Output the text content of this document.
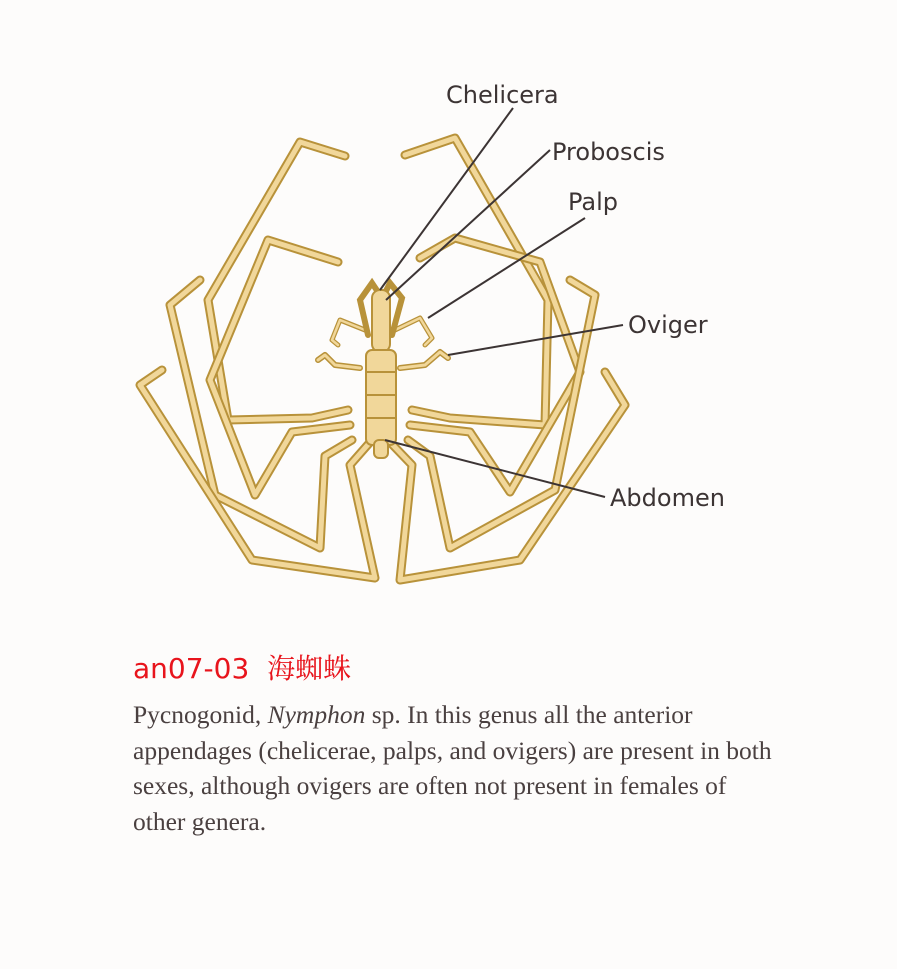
Chelicera
Proboscis
Palp
Oviger
Abdomen

an07-03  海蜘蛛

Pycnogonid, Nymphon sp. In this genus all the anterior appendages (chelicerae, palps, and ovigers) are present in both sexes, although ovigers are often not present in females of other genera.
